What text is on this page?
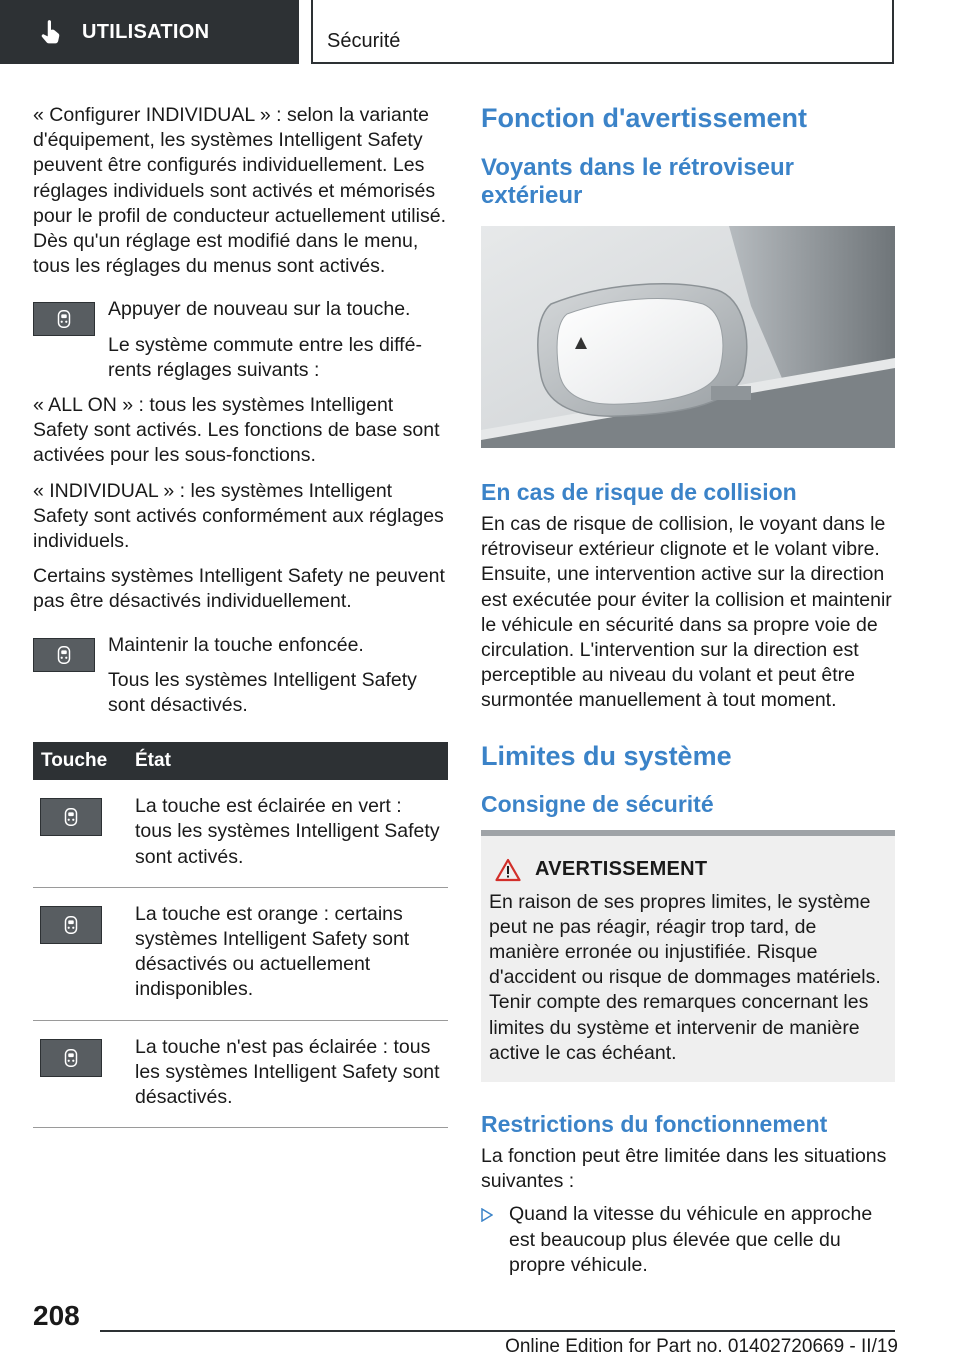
UTILISATION	Sécurité

« Configurer INDIVIDUAL » : selon la variante d'équipement, les systèmes Intelligent Safety peuvent être configurés individuellement. Les réglages individuels sont activés et mémorisés pour le profil de conducteur actuellement utilisé. Dès qu'un réglage est modifié dans le menu, tous les réglages du menus sont activés.

Appuyer de nouveau sur la touche.

Le système commute entre les différents réglages suivants :

« ALL ON » : tous les systèmes Intelligent Safety sont activés. Les fonctions de base sont activées pour les sous-fonctions.

« INDIVIDUAL » : les systèmes Intelligent Safety sont activés conformément aux réglages individuels.

Certains systèmes Intelligent Safety ne peuvent pas être désactivés individuellement.

Maintenir la touche enfoncée.

Tous les systèmes Intelligent Safety sont désactivés.

Touche	État

	La touche est éclairée en vert : tous les systèmes Intelligent Safety sont activés.

	La touche est orange : certains systèmes Intelligent Safety sont désactivés ou actuellement indisponibles.

	La touche n'est pas éclairée : tous les systèmes Intelligent Safety sont désactivés.
Fonction d'avertissement
Voyants dans le rétroviseur extérieur
En cas de risque de collision

En cas de risque de collision, le voyant dans le rétroviseur extérieur clignote et le volant vibre. Ensuite, une intervention active sur la direction est exécutée pour éviter la collision et maintenir le véhicule en sécurité dans sa propre voie de circulation. L'intervention sur la direction est perceptible au niveau du volant et peut être surmontée manuellement à tout moment.

Limites du système
Consigne de sécurité
AVERTISSEMENT

En raison de ses propres limites, le système peut ne pas réagir, réagir trop tard, de manière erronée ou injustifiée. Risque d'accident ou risque de dommages matériels. Tenir compte des remarques concernant les limites du système et intervenir de manière active le cas échéant.

Restrictions du fonctionnement

La fonction peut être limitée dans les situations suivantes :

Quand la vitesse du véhicule en approche est beaucoup plus élevée que celle du propre véhicule.

208
Online Edition for Part no. 01402720669 - II/19
